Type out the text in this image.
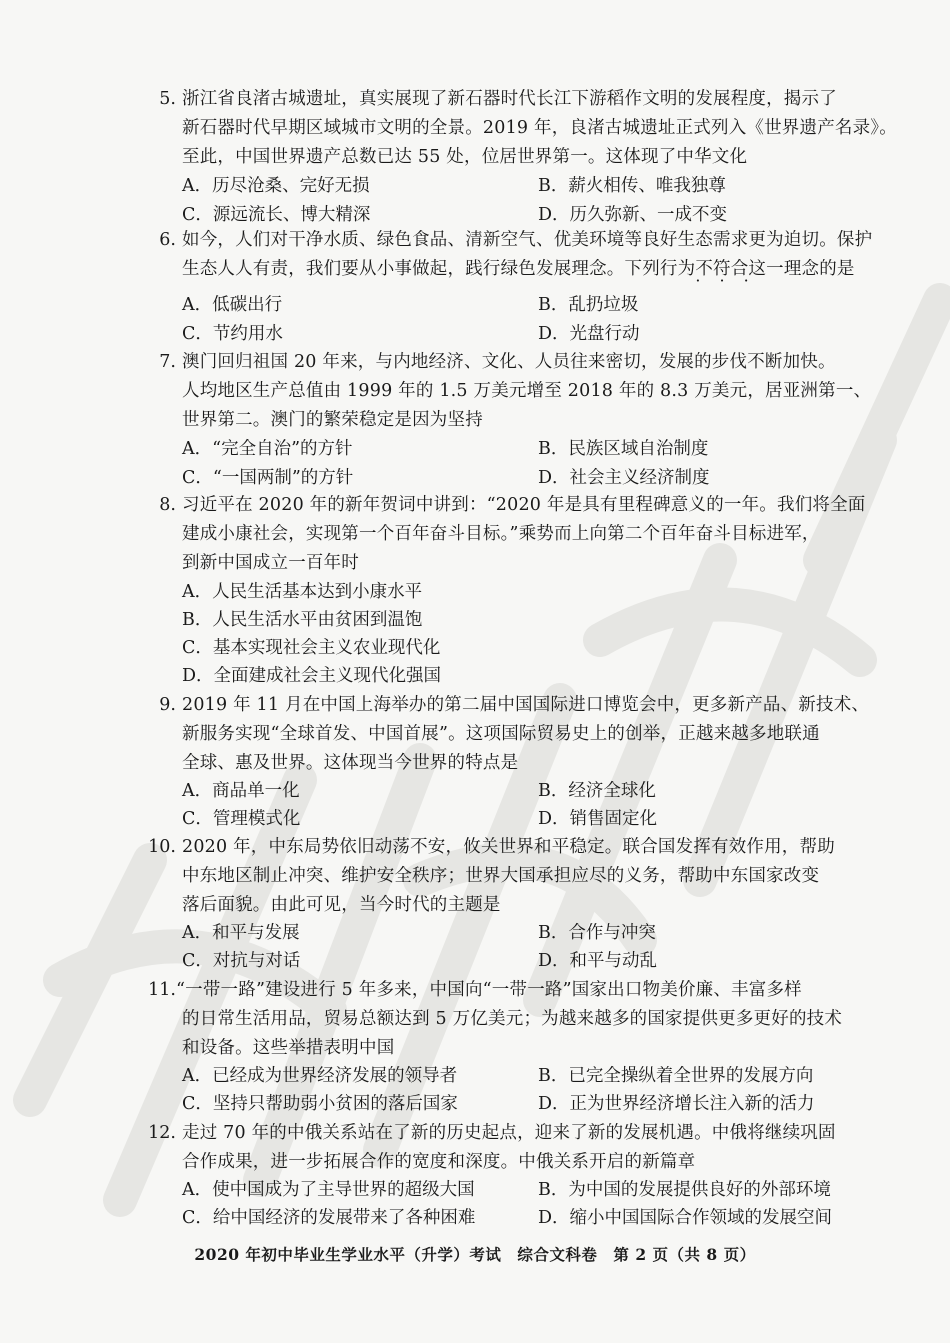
5. 浙江省良渚古城遗址，真实展现了新石器时代长江下游稻作文明的发展程度，揭示了
新石器时代早期区域城市文明的全景。2019 年，良渚古城遗址正式列入《世界遗产名录》。
至此，中国世界遗产总数已达 55 处，位居世界第一。这体现了中华文化
A．历尽沧桑、完好无损	B．薪火相传、唯我独尊
C．源远流长、博大精深	D．历久弥新、一成不变
6. 如今，人们对干净水质、绿色食品、清新空气、优美环境等良好生态需求更为迫切。保护
生态人人有责，我们要从小事做起，践行绿色发展理念。下列行为不符合 · · ·这一理念的是
A．低碳出行	B．乱扔垃圾
C．节约用水	D．光盘行动
7. 澳门回归祖国 20 年来，与内地经济、文化、人员往来密切，发展的步伐不断加快。
人均地区生产总值由 1999 年的 1.5 万美元增至 2018 年的 8.3 万美元，居亚洲第一、
世界第二。澳门的繁荣稳定是因为坚持
A．“完全自治”的方针	B．民族区域自治制度
C．“一国两制”的方针	D．社会主义经济制度
8. 习近平在 2020 年的新年贺词中讲到：“2020 年是具有里程碑意义的一年。我们将全面
建成小康社会，实现第一个百年奋斗目标。”乘势而上向第二个百年奋斗目标进军，
到新中国成立一百年时
A．人民生活基本达到小康水平
B．人民生活水平由贫困到温饱
C．基本实现社会主义农业现代化
D．全面建成社会主义现代化强国
9. 2019 年 11 月在中国上海举办的第二届中国国际进口博览会中，更多新产品、新技术、
新服务实现“全球首发、中国首展”。这项国际贸易史上的创举，正越来越多地联通
全球、惠及世界。这体现当今世界的特点是
A．商品单一化	B．经济全球化
C．管理模式化	D．销售固定化
10. 2020 年，中东局势依旧动荡不安，攸关世界和平稳定。联合国发挥有效作用，帮助
中东地区制止冲突、维护安全秩序；世界大国承担应尽的义务，帮助中东国家改变
落后面貌。由此可见，当今时代的主题是
A．和平与发展	B．合作与冲突
C．对抗与对话	D．和平与动乱
11. “一带一路”建设进行 5 年多来，中国向“一带一路”国家出口物美价廉、丰富多样
的日常生活用品，贸易总额达到 5 万亿美元；为越来越多的国家提供更多更好的技术
和设备。这些举措表明中国
A．已经成为世界经济发展的领导者	B．已完全操纵着全世界的发展方向
C．坚持只帮助弱小贫困的落后国家	D．正为世界经济增长注入新的活力
12. 走过 70 年的中俄关系站在了新的历史起点，迎来了新的发展机遇。中俄将继续巩固
合作成果，进一步拓展合作的宽度和深度。中俄关系开启的新篇章
A．使中国成为了主导世界的超级大国	B．为中国的发展提供良好的外部环境
C．给中国经济的发展带来了各种困难	D．缩小中国国际合作领域的发展空间
2020 年初中毕业生学业水平（升学）考试　综合文科卷　第 2 页（共 8 页）
